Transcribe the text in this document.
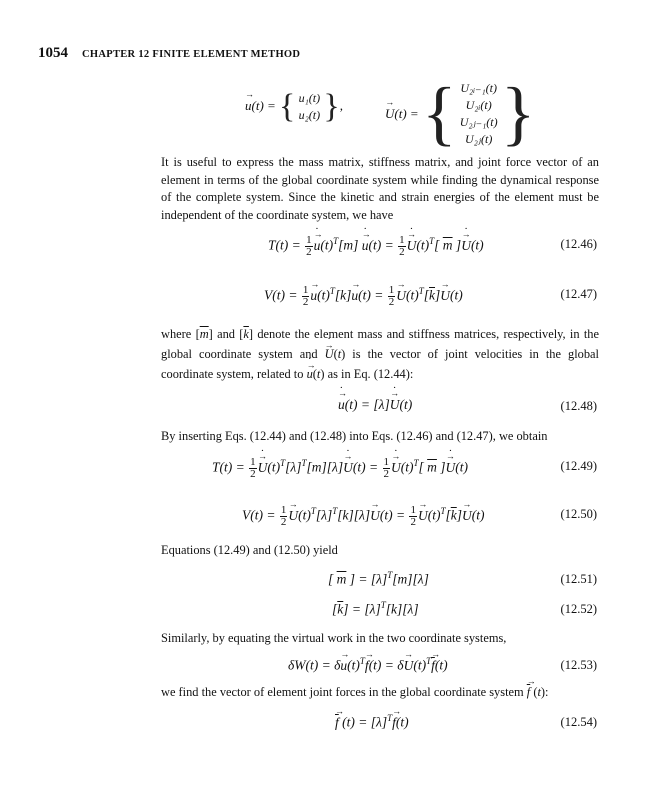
1054 CHAPTER 12 FINITE ELEMENT METHOD
→ u(t) = { u₁(t)
u₂(t) },
→ U(t) = { U₂ᵢ₋₁(t)
U₂ᵢ(t)
U₂ⱼ₋₁(t)
U₂ⱼ(t) }

It is useful to express the mass matrix, stiffness matrix, and joint force vector of an element in terms of the global coordinate system while finding the dynamical response of the complete system. Since the kinetic and strain energies of the element must be independent of the coordinate system, we have

$T(t) = \frac{1}{2} \to u \cdot(t)^T[m] \to u \cdot(t) = \frac{1}{2} \to U \cdot(t)^T$[ $\overline{m}$ ]→ U ·(t)	(12.46)
$V(t) = \frac{1}{2} \to u(t)^T[k]\to u(t) = \frac{1}{2} \to U(t)^T[\overline{k}]\to U(t)$	(12.47)

where $[\overline{m}]$ and $[\overline{k}]$ denote the element mass and stiffness matrices, respectively, in the global coordinate system and → U ·(t) is the vector of joint velocities in the global coordinate system, related to → u ·(t) as in Eq. (12.44):

→ u ·(t) = [λ]→ U ·(t)	(12.48)
By inserting Eqs. (12.44) and (12.48) into Eqs. (12.46) and (12.47), we obtain
$T(t) = \frac{1}{2} \to U \cdot(t)^T[\lambda]^T[m][\lambda]\to U \cdot(t) = \frac{1}{2} \to U \cdot(t)^T$[ $\overline{m}$ ]→ U ·(t)	(12.49)
$V(t) = \frac{1}{2} \to U(t)^T[\lambda]^T[k][\lambda]\to U(t) = \frac{1}{2} \to U(t)^T[\overline{k}]\to U(t)$	(12.50)
Equations (12.49) and (12.50) yield
[ $\overline{m}$ ] = $[\lambda]^T[m][\lambda]$	(12.51)
$[\overline{k}] = [\lambda]^T[k][\lambda]$	(12.52)
Similarly, by equating the virtual work in the two coordinate systems,
$\delta W(t) = \delta\to u(t)^T\to f(t) = \delta\to U(t)^T\to \overline{f}(t)$	(12.53)
we find the vector of element joint forces in the global coordinate system → $\overline{f}$ (t):
→ $\overline{f}$ $(t) = [\lambda]^T\to f(t)$	(12.54)
